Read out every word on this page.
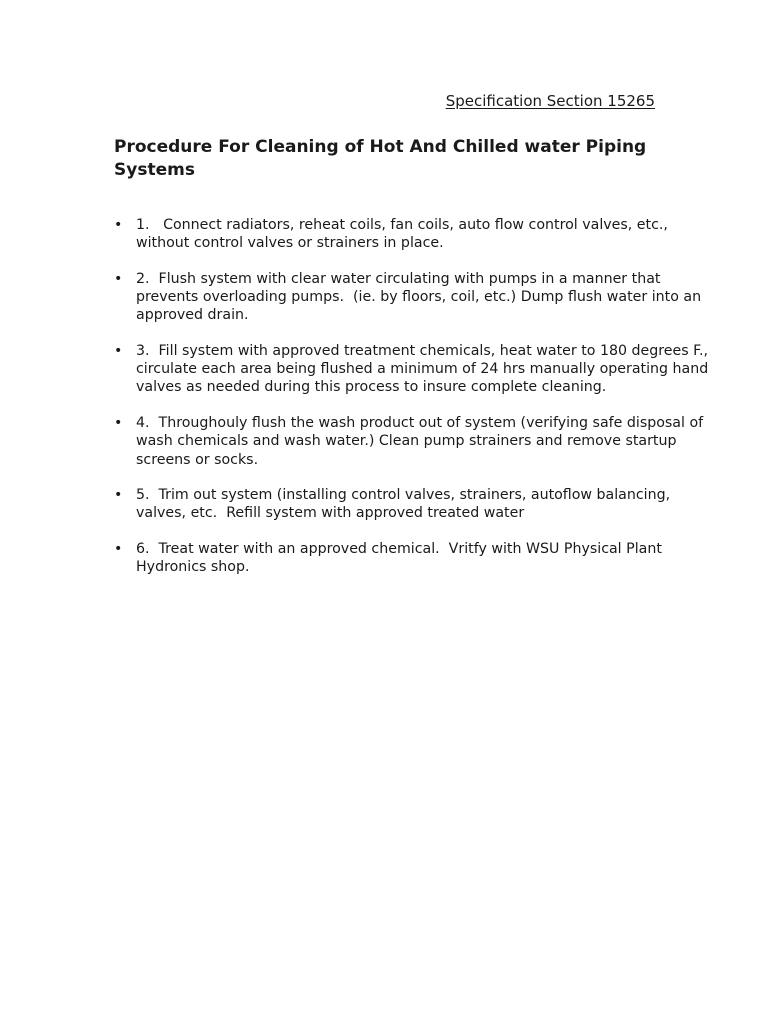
Specification Section 15265
Procedure For Cleaning of Hot And Chilled water Piping Systems
• 1.   Connect radiators, reheat coils, fan coils, auto flow control valves, etc., without control valves or strainers in place.
• 2.  Flush system with clear water circulating with pumps in a manner that prevents overloading pumps.  (ie. by floors, coil, etc.) Dump flush water into an approved drain.
• 3.  Fill system with approved treatment chemicals, heat water to 180 degrees F., circulate each area being flushed a minimum of 24 hrs manually operating hand valves as needed during this process to insure complete cleaning.
• 4.  Throughouly flush the wash product out of system (verifying safe disposal of wash chemicals and wash water.) Clean pump strainers and remove startup screens or socks.
• 5.  Trim out system (installing control valves, strainers, autoflow balancing, valves, etc.  Refill system with approved treated water
• 6.  Treat water with an approved chemical.  Vritfy with WSU Physical Plant Hydronics shop.
